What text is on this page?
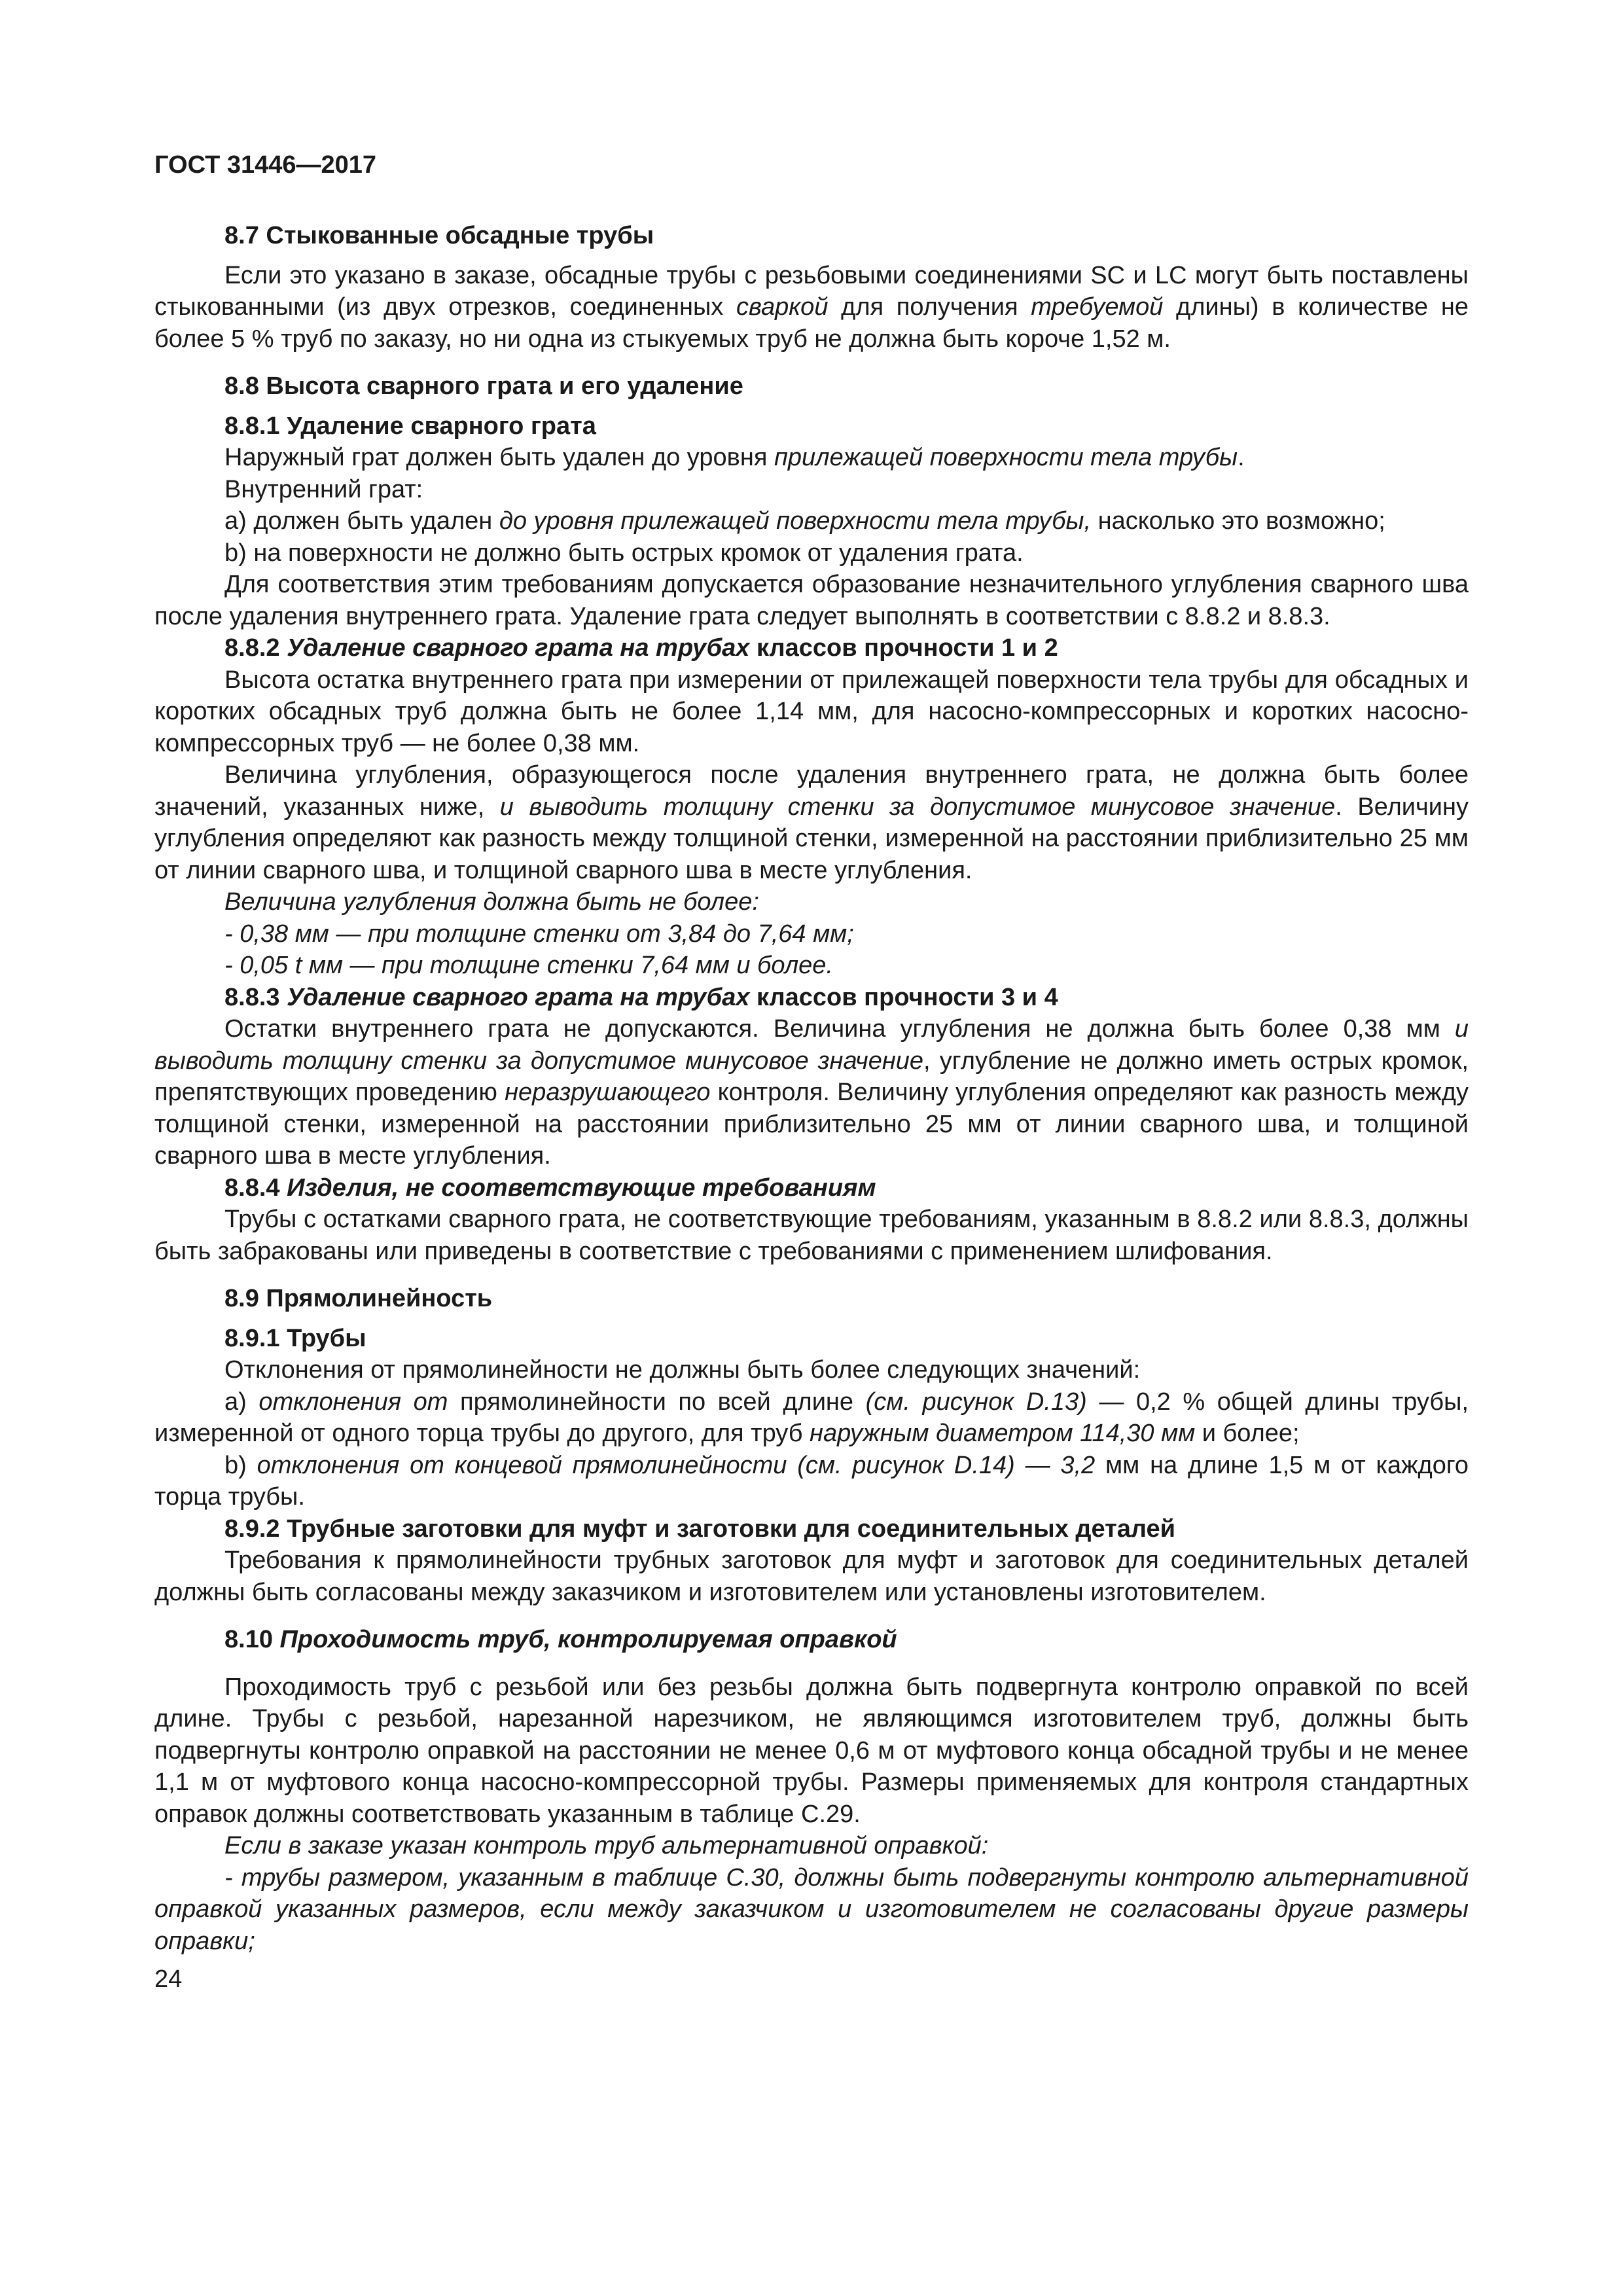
ГОСТ 31446—2017
8.7 Стыкованные обсадные трубы
Если это указано в заказе, обсадные трубы с резьбовыми соединениями SC и LC могут быть поставлены стыкованными (из двух отрезков, соединенных сваркой для получения требуемой длины) в количестве не более 5 % труб по заказу, но ни одна из стыкуемых труб не должна быть короче 1,52 м.
8.8 Высота сварного грата и его удаление
8.8.1 Удаление сварного грата
Наружный грат должен быть удален до уровня прилежащей поверхности тела трубы.
Внутренний грат:
а) должен быть удален до уровня прилежащей поверхности тела трубы, насколько это возможно;
b) на поверхности не должно быть острых кромок от удаления грата.
Для соответствия этим требованиям допускается образование незначительного углубления сварного шва после удаления внутреннего грата. Удаление грата следует выполнять в соответствии с 8.8.2 и 8.8.3.
8.8.2 Удаление сварного грата на трубах классов прочности 1 и 2
Высота остатка внутреннего грата при измерении от прилежащей поверхности тела трубы для обсадных и коротких обсадных труб должна быть не более 1,14 мм, для насосно-компрессорных и коротких насосно-компрессорных труб — не более 0,38 мм.
Величина углубления, образующегося после удаления внутреннего грата, не должна быть более значений, указанных ниже, и выводить толщину стенки за допустимое минусовое значение. Величину углубления определяют как разность между толщиной стенки, измеренной на расстоянии приблизительно 25 мм от линии сварного шва, и толщиной сварного шва в месте углубления.
Величина углубления должна быть не более:
- 0,38 мм — при толщине стенки от 3,84 до 7,64 мм;
- 0,05 t мм — при толщине стенки 7,64 мм и более.
8.8.3 Удаление сварного грата на трубах классов прочности 3 и 4
Остатки внутреннего грата не допускаются. Величина углубления не должна быть более 0,38 мм и выводить толщину стенки за допустимое минусовое значение, углубление не должно иметь острых кромок, препятствующих проведению неразрушающего контроля. Величину углубления определяют как разность между толщиной стенки, измеренной на расстоянии приблизительно 25 мм от линии сварного шва, и толщиной сварного шва в месте углубления.
8.8.4 Изделия, не соответствующие требованиям
Трубы с остатками сварного грата, не соответствующие требованиям, указанным в 8.8.2 или 8.8.3, должны быть забракованы или приведены в соответствие с требованиями с применением шлифования.
8.9 Прямолинейность
8.9.1 Трубы
Отклонения от прямолинейности не должны быть более следующих значений:
а) отклонения от прямолинейности по всей длине (см. рисунок D.13) — 0,2 % общей длины трубы, измеренной от одного торца трубы до другого, для труб наружным диаметром 114,30 мм и более;
b) отклонения от концевой прямолинейности (см. рисунок D.14) — 3,2 мм на длине 1,5 м от каждого торца трубы.
8.9.2 Трубные заготовки для муфт и заготовки для соединительных деталей
Требования к прямолинейности трубных заготовок для муфт и заготовок для соединительных деталей должны быть согласованы между заказчиком и изготовителем или установлены изготовителем.
8.10 Проходимость труб, контролируемая оправкой
Проходимость труб с резьбой или без резьбы должна быть подвергнута контролю оправкой по всей длине. Трубы с резьбой, нарезанной нарезчиком, не являющимся изготовителем труб, должны быть подвергнуты контролю оправкой на расстоянии не менее 0,6 м от муфтового конца обсадной трубы и не менее 1,1 м от муфтового конца насосно-компрессорной трубы. Размеры применяемых для контроля стандартных оправок должны соответствовать указанным в таблице С.29.
Если в заказе указан контроль труб альтернативной оправкой:
- трубы размером, указанным в таблице С.30, должны быть подвергнуты контролю альтернативной оправкой указанных размеров, если между заказчиком и изготовителем не согласованы другие размеры оправки;
24
